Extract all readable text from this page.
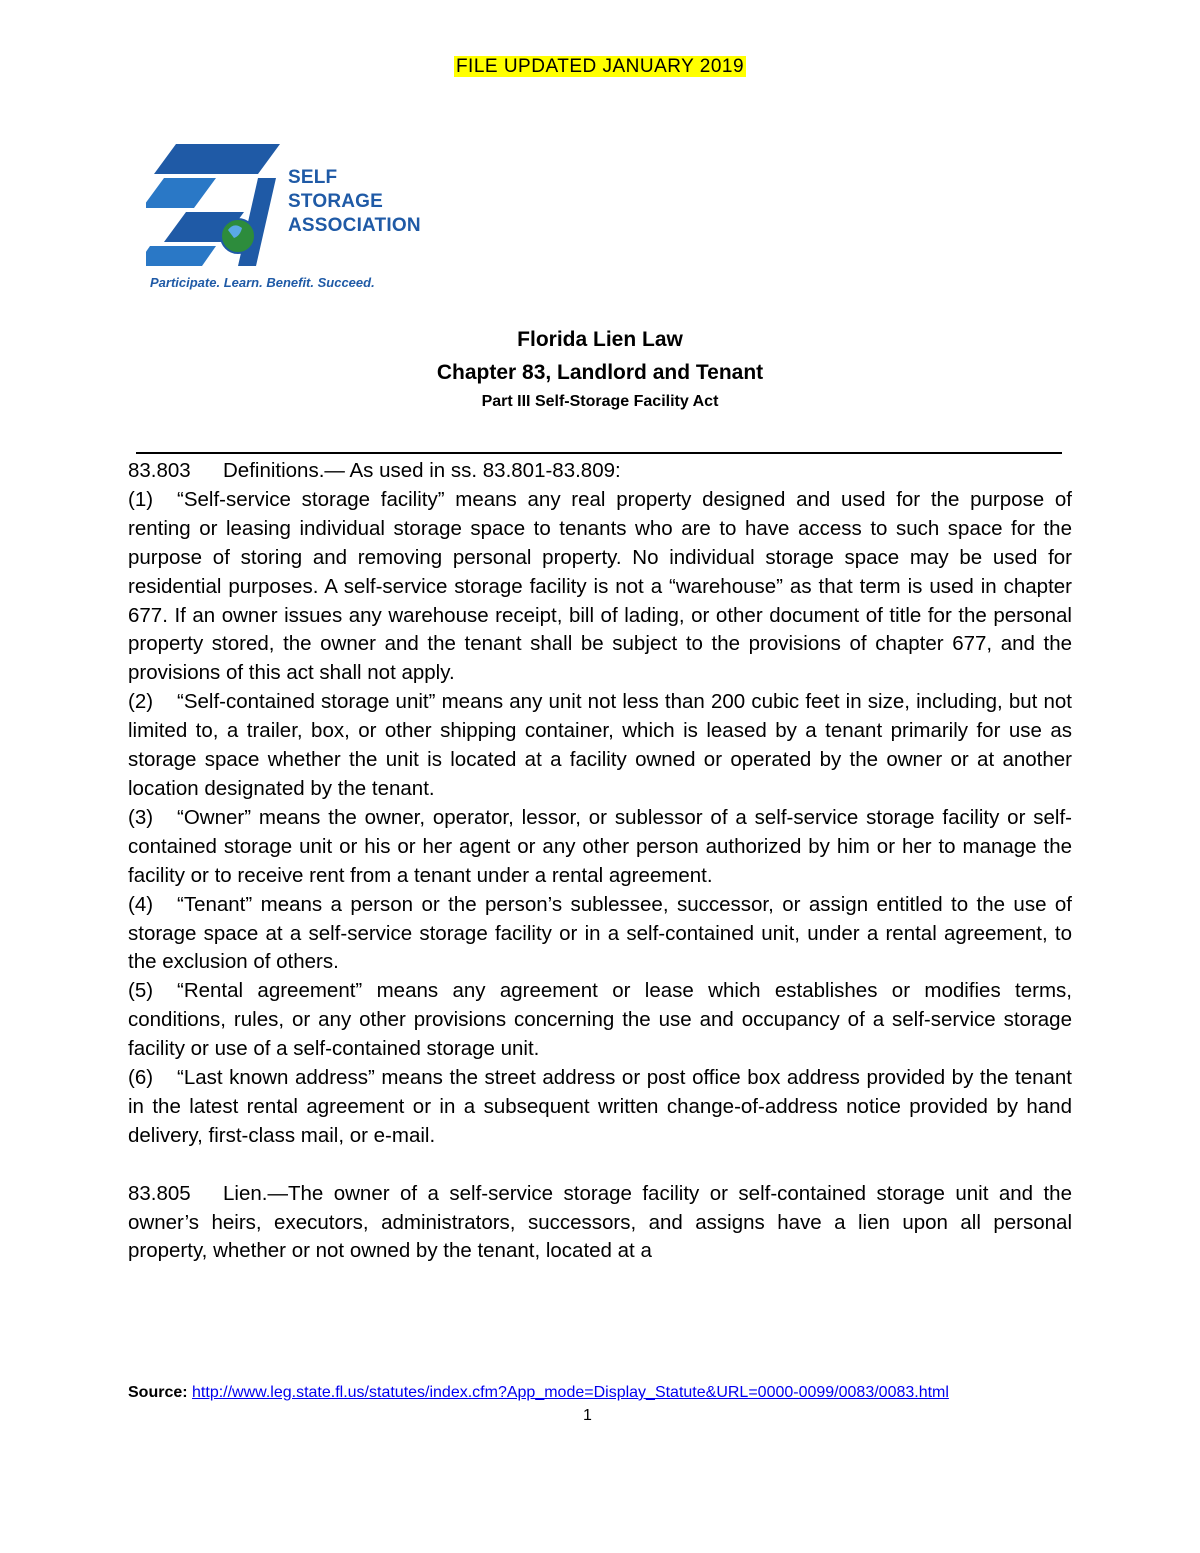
FILE UPDATED JANUARY 2019
SELF
STORAGE
ASSOCIATION
Participate. Learn. Benefit. Succeed.
Florida Lien Law
Chapter 83, Landlord and Tenant
Part III Self-Storage Facility Act

83.803 Definitions.— As used in ss. 83.801-83.809:

(1) “Self-service storage facility” means any real property designed and used for the purpose of renting or leasing individual storage space to tenants who are to have access to such space for the purpose of storing and removing personal property. No individual storage space may be used for residential purposes. A self-service storage facility is not a “warehouse” as that term is used in chapter 677. If an owner issues any warehouse receipt, bill of lading, or other document of title for the personal property stored, the owner and the tenant shall be subject to the provisions of chapter 677, and the provisions of this act shall not apply.

(2) “Self-contained storage unit” means any unit not less than 200 cubic feet in size, including, but not limited to, a trailer, box, or other shipping container, which is leased by a tenant primarily for use as storage space whether the unit is located at a facility owned or operated by the owner or at another location designated by the tenant.

(3) “Owner” means the owner, operator, lessor, or sublessor of a self-service storage facility or self-contained storage unit or his or her agent or any other person authorized by him or her to manage the facility or to receive rent from a tenant under a rental agreement.

(4) “Tenant” means a person or the person’s sublessee, successor, or assign entitled to the use of storage space at a self-service storage facility or in a self-contained unit, under a rental agreement, to the exclusion of others.

(5) “Rental agreement” means any agreement or lease which establishes or modifies terms, conditions, rules, or any other provisions concerning the use and occupancy of a self-service storage facility or use of a self-contained storage unit.

(6) “Last known address” means the street address or post office box address provided by the tenant in the latest rental agreement or in a subsequent written change-of-address notice provided by hand delivery, first-class mail, or e-mail.

83.805 Lien.—The owner of a self-service storage facility or self-contained storage unit and the owner’s heirs, executors, administrators, successors, and assigns have a lien upon all personal property, whether or not owned by the tenant, located at a

Source: http://www.leg.state.fl.us/statutes/index.cfm?App_mode=Display_Statute&URL=0000-0099/0083/0083.html
1
